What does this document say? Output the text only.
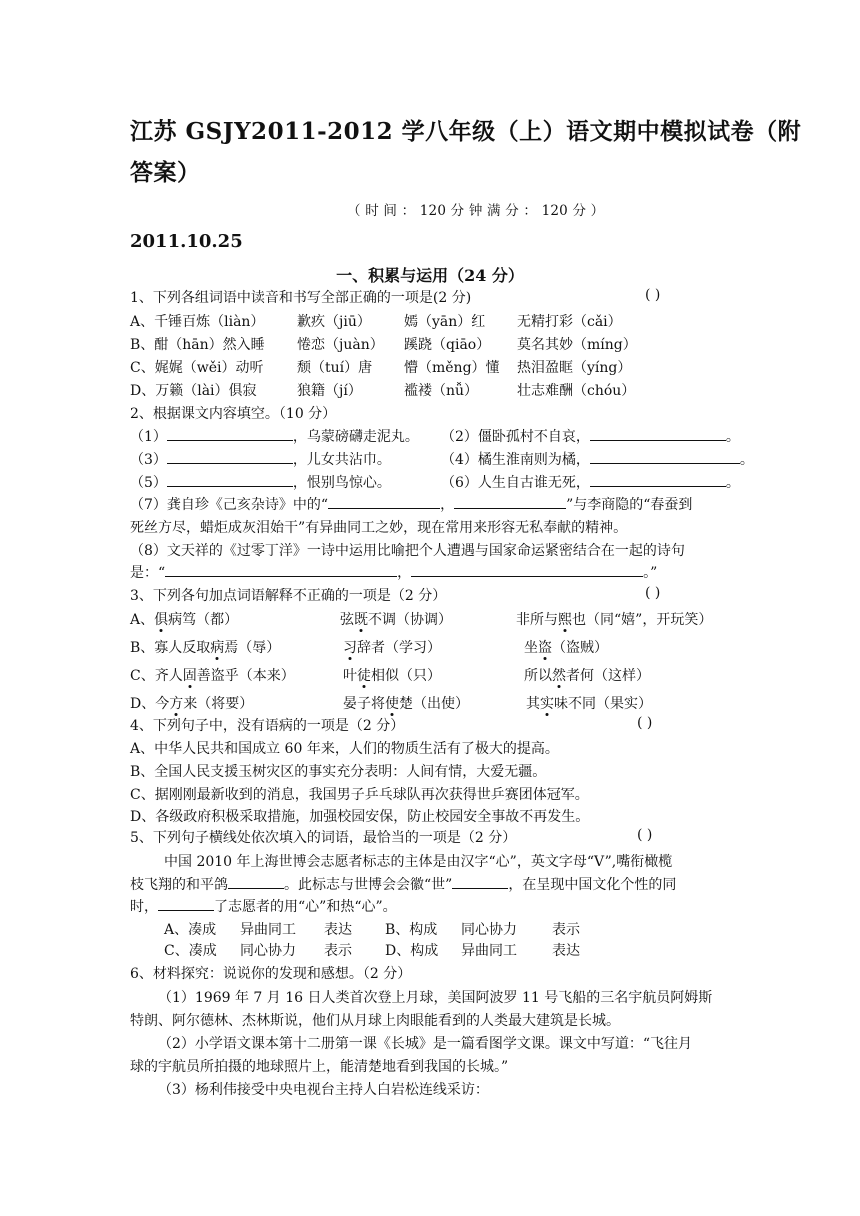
江苏 GSJY2011-2012 学八年级（上）语文期中模拟试卷（附
答案）
（ 时 间 ： 120 分 钟 满 分 ： 120 分 ）
2011.10.25
一、积累与运用（24 分）
1、下列各组词语中读音和书写全部正确的一项是(2 分)	( )
A、千锤百炼（liàn） 歉疚（jiū） 嫣（yān）红 无精打彩（cǎi）
B、酣（hān）然入睡 惓恋（juàn） 蹊跷（qiāo） 莫名其妙（míng）
C、娓娓（wěi）动听 颓（tuí）唐 懵（měng）懂 热泪盈眶（yíng）
D、万籁（lài）俱寂	狼籍（jí）	褴褛（nǚ）	壮志难酬（chóu）
2、根据课文内容填空。（10 分）
（1）	，乌蒙磅礴走泥丸。 （2）僵卧孤村不自哀，	。
（3）	，儿女共沾巾。	（4）橘生淮南则为橘，	。
（5）	，恨别鸟惊心。	（6）人生自古谁无死，	。
（7）龚自珍《己亥杂诗》中的“	，	”与李商隐的“春蚕到
死丝方尽，蜡炬成灰泪始干”有异曲同工之妙，现在常用来形容无私奉献的精神。
（8）文天祥的《过零丁洋》一诗中运用比喻把个人遭遇与国家命运紧密结合在一起的诗句
是：“	，	。”
3、下列各句加点词语解释不正确的一项是（2 分）	( )
A、俱病笃（都）	弦既不调（协调）	非所与熙也（同“嬉”，开玩笑）
B、寡人反取病焉（辱）	习辞者（学习）	坐盗（盗贼）
C、齐人固善盗乎（本来）	叶徒相似（只）	所以然者何（这样）
D、今方来（将要）	晏子将使楚（出使）	其实味不同（果实）
4、下列句子中，没有语病的一项是（2 分）	( )
A、中华人民共和国成立 60 年来，人们的物质生活有了极大的提高。
B、全国人民支援玉树灾区的事实充分表明：人间有情，大爱无疆。
C、据刚刚最新收到的消息，我国男子乒乓球队再次获得世乒赛团体冠军。
D、各级政府积极采取措施，加强校园安保，防止校园安全事故不再发生。
5、下列句子横线处依次填入的词语，最恰当的一项是（2 分）	( )
中国 2010 年上海世博会志愿者标志的主体是由汉字“心”，英文字母“V”,嘴衔橄榄
枝飞翔的和平鸽	。此标志与世博会会徽“世”	，在呈现中国文化个性的同
时，	了志愿者的用“心”和热“心”。
A、凑成 异曲同工 表达 B、构成 同心协力	表示
C、凑成 同心协力 表示 D、构成 异曲同工	表达
6、材料探究：说说你的发现和感想。（2 分）
（1）1969 年 7 月 16 日人类首次登上月球，美国阿波罗 11 号飞船的三名宇航员阿姆斯
特朗、阿尔德林、杰林斯说，他们从月球上肉眼能看到的人类最大建筑是长城。
（2）小学语文课本第十二册第一课《长城》是一篇看图学文课。课文中写道：“飞往月
球的宇航员所拍摄的地球照片上，能清楚地看到我国的长城。”
（3）杨利伟接受中央电视台主持人白岩松连线采访：
